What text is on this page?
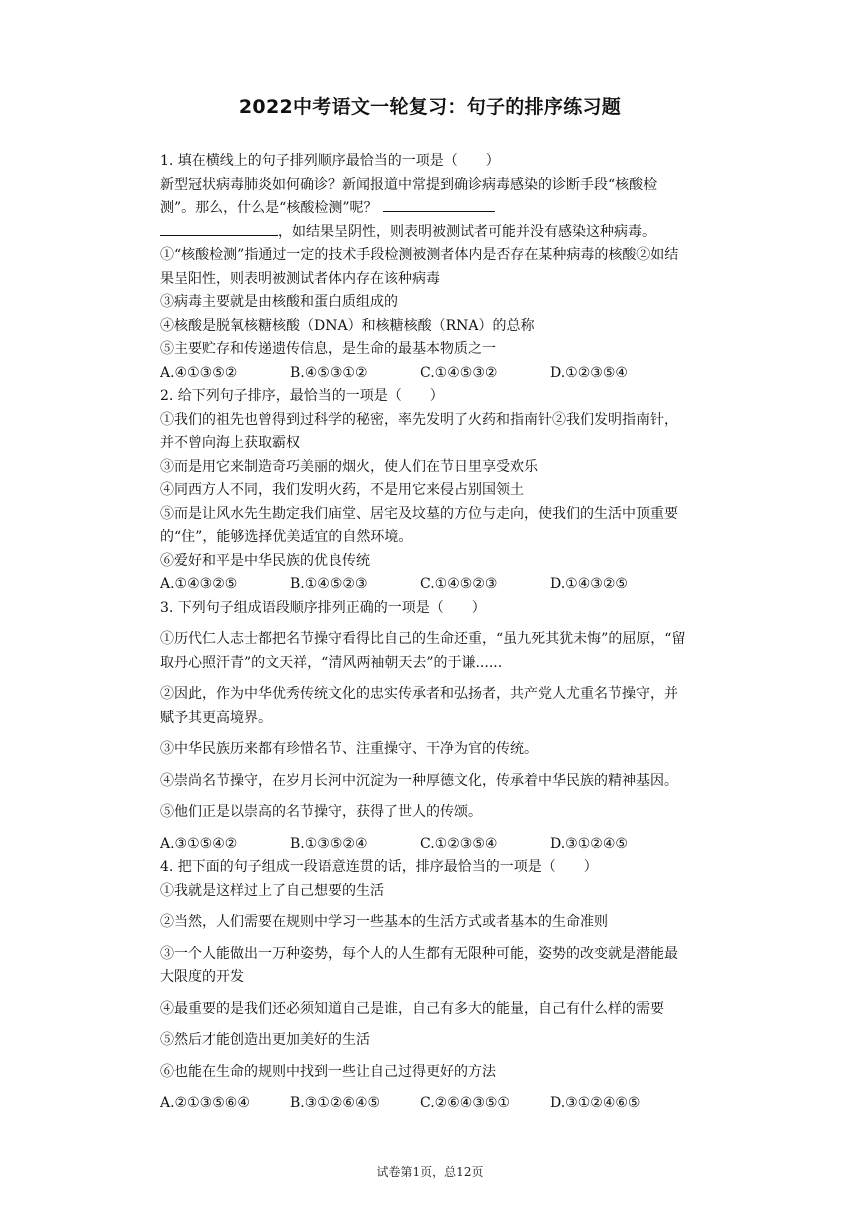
2022中考语文一轮复习：句子的排序练习题
1. 填在横线上的句子排列顺序最恰当的一项是（　　）
新型冠状病毒肺炎如何确诊？新闻报道中常提到确诊病毒感染的诊断手段“核酸检
测”。那么，什么是“核酸检测”呢？
，如结果呈阴性，则表明被测试者可能并没有感染这种病毒。
①“核酸检测”指通过一定的技术手段检测被测者体内是否存在某种病毒的核酸②如结
果呈阳性，则表明被测试者体内存在该种病毒
③病毒主要就是由核酸和蛋白质组成的
④核酸是脱氧核糖核酸（DNA）和核糖核酸（RNA）的总称
⑤主要贮存和传递遗传信息，是生命的最基本物质之一
A.④①③⑤②	B.④⑤③①②	C.①④⑤③②	D.①②③⑤④
2. 给下列句子排序，最恰当的一项是（　　）
①我们的祖先也曾得到过科学的秘密，率先发明了火药和指南针②我们发明指南针，
并不曾向海上获取霸权
③而是用它来制造奇巧美丽的烟火，使人们在节日里享受欢乐
④同西方人不同，我们发明火药，不是用它来侵占别国领土
⑤而是让风水先生勘定我们庙堂、居宅及坟墓的方位与走向，使我们的生活中顶重要
的“住”，能够选择优美适宜的自然环境。
⑥爱好和平是中华民族的优良传统
A.①④③②⑤	B.①④⑤②③	C.①④⑤②③	D.①④③②⑤
3. 下列句子组成语段顺序排列正确的一项是（　　）
①历代仁人志士都把名节操守看得比自己的生命还重，“虽九死其犹未悔”的屈原，“留
取丹心照汗青”的文天祥，“清风两袖朝天去”的于谦......
②因此，作为中华优秀传统文化的忠实传承者和弘扬者，共产党人尤重名节操守，并
赋予其更高境界。
③中华民族历来都有珍惜名节、注重操守、干净为官的传统。
④崇尚名节操守，在岁月长河中沉淀为一种厚德文化，传承着中华民族的精神基因。
⑤他们正是以崇高的名节操守，获得了世人的传颂。
A.③①⑤④②	B.①③⑤②④	C.①②③⑤④	D.③①②④⑤
4. 把下面的句子组成一段语意连贯的话，排序最恰当的一项是（　　）
①我就是这样过上了自己想要的生活
②当然，人们需要在规则中学习一些基本的生活方式或者基本的生命准则
③一个人能做出一万种姿势，每个人的人生都有无限种可能，姿势的改变就是潜能最
大限度的开发
④最重要的是我们还必须知道自己是谁，自己有多大的能量，自己有什么样的需要
⑤然后才能创造出更加美好的生活
⑥也能在生命的规则中找到一些让自己过得更好的方法
A.②①③⑤⑥④	B.③①②⑥④⑤	C.②⑥④③⑤①	D.③①②④⑥⑤
试卷第1页，总12页
